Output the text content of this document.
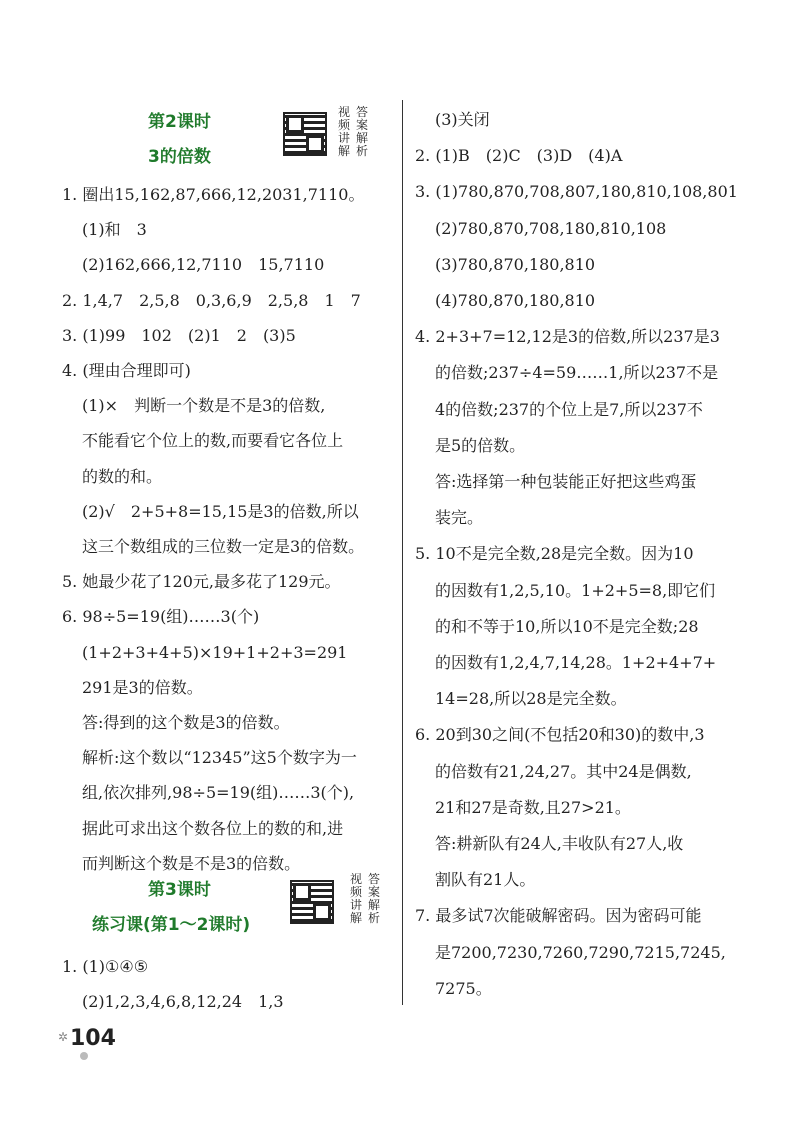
第2课时
3的倍数
视频讲解
答案解析
1. 圈出15,162,87,666,12,2031,7110。
(1)和　3
(2)162,666,12,7110　15,7110
2. 1,4,7　2,5,8　0,3,6,9　2,5,8　1　7
3. (1)99　102　(2)1　2　(3)5
4. (理由合理即可)
(1)×　判断一个数是不是3的倍数,
不能看它个位上的数,而要看它各位上
的数的和。
(2)√　2+5+8=15,15是3的倍数,所以
这三个数组成的三位数一定是3的倍数。
5. 她最少花了120元,最多花了129元。
6. 98÷5=19(组)……3(个)
(1+2+3+4+5)×19+1+2+3=291
291是3的倍数。
答:得到的这个数是3的倍数。
解析:这个数以“12345”这5个数字为一
组,依次排列,98÷5=19(组)……3(个),
据此可求出这个数各位上的数的和,进
而判断这个数是不是3的倍数。
第3课时
练习课(第1～2课时)
视频讲解
答案解析
1. (1)①④⑤
(2)1,2,3,4,6,8,12,24　1,3
(3)关闭
2. (1)B　(2)C　(3)D　(4)A
3. (1)780,870,708,807,180,810,108,801
(2)780,870,708,180,810,108
(3)780,870,180,810
(4)780,870,180,810
4. 2+3+7=12,12是3的倍数,所以237是3
的倍数;237÷4=59……1,所以237不是
4的倍数;237的个位上是7,所以237不
是5的倍数。
答:选择第一种包装能正好把这些鸡蛋
装完。
5. 10不是完全数,28是完全数。因为10
的因数有1,2,5,10。1+2+5=8,即它们
的和不等于10,所以10不是完全数;28
的因数有1,2,4,7,14,28。1+2+4+7+
14=28,所以28是完全数。
6. 20到30之间(不包括20和30)的数中,3
的倍数有21,24,27。其中24是偶数,
21和27是奇数,且27>21。
答:耕新队有24人,丰收队有27人,收
割队有21人。
7. 最多试7次能破解密码。因为密码可能
是7200,7230,7260,7290,7215,7245,
7275。
✲ 104
